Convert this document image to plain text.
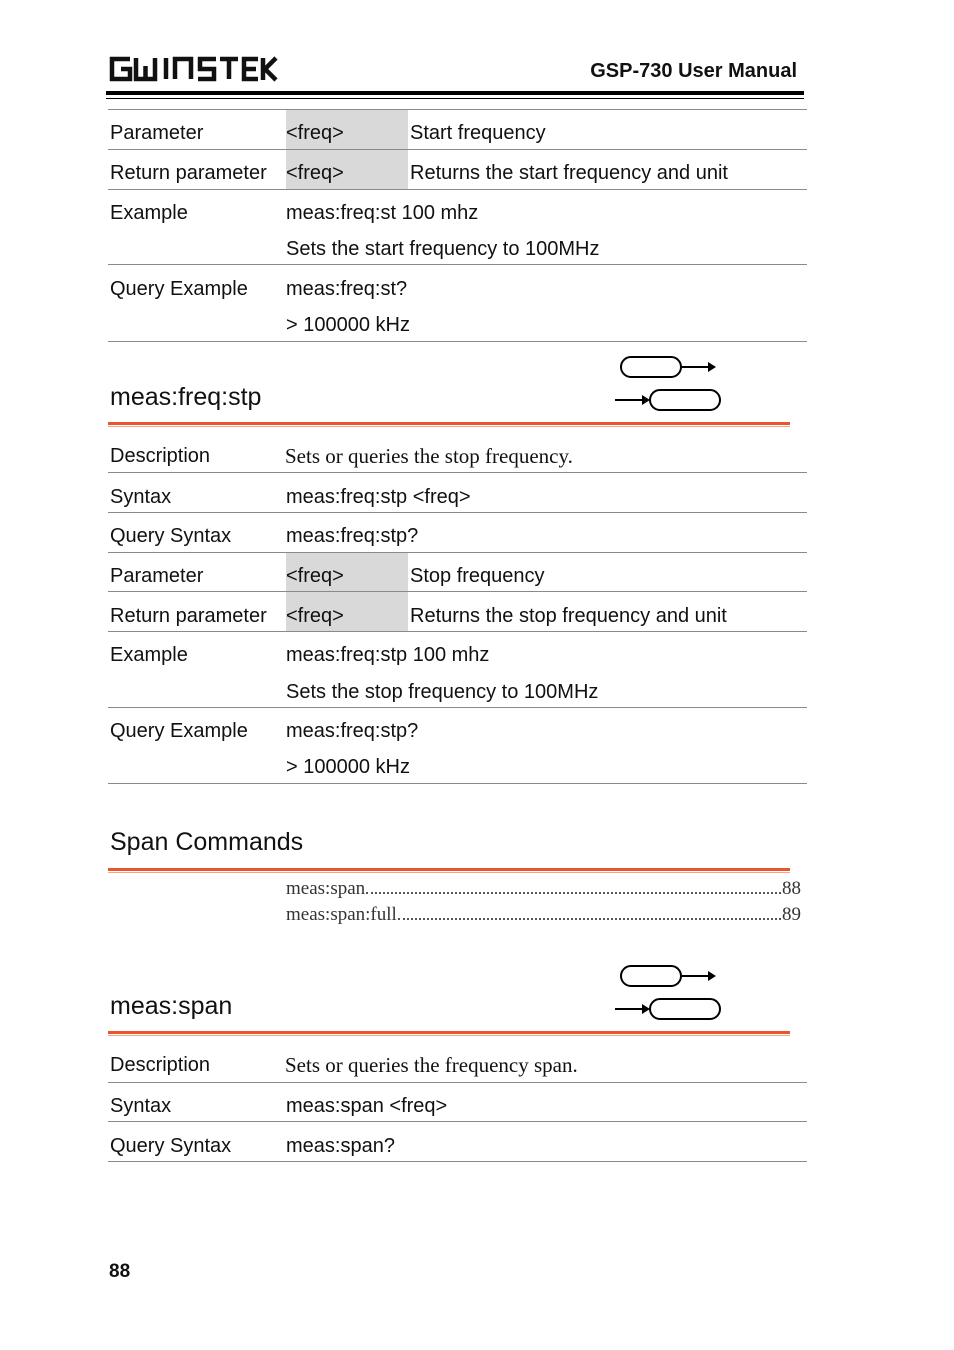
GSP-730 User Manual
Parameter	<freq>	Start frequency
Return parameter <freq>	Returns the start frequency and unit
Example	meas:freq:st 100 mhz
Sets the start frequency to 100MHz
Query Example meas:freq:st?
> 100000 kHz
meas:freq:stp
Description	Sets or queries the stop frequency.
Syntax	meas:freq:stp <freq>
Query Syntax	meas:freq:stp?
Parameter	<freq>	Stop frequency
Return parameter <freq>	Returns the stop frequency and unit
Example	meas:freq:stp 100 mhz
Sets the stop frequency to 100MHz
Query Example meas:freq:stp?
> 100000 kHz
Span Commands
meas:span	88
meas:span:full	89
meas:span
Description	Sets or queries the frequency span.
Syntax	meas:span <freq>
Query Syntax	meas:span?
88
